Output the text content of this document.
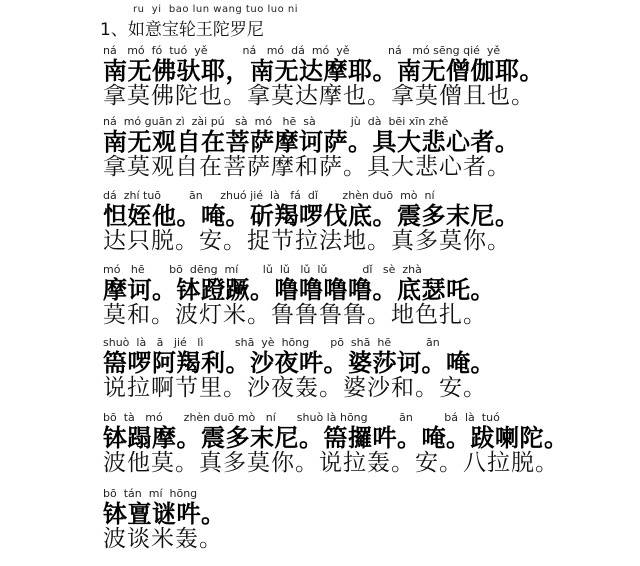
ru  yi  bao lun wang tuo luo ni
1、如意宝轮王陀罗尼
ná   mó  fó  tuó  yě          ná   mó  dá  mó  yě           ná   mó sēng qié  yě
南无佛驮耶，南无达摩耶。南无僧伽耶。
拿莫佛陀也。拿莫达摩也。拿莫僧且也。
ná  mó guān zì  zài pú   sà  mó   hē  sà          jù  dà  bēi xīn zhě
南无观自在菩萨摩诃萨。具大悲心者。
拿莫观自在菩萨摩和萨。具大悲心者。
dá  zhí tuō        ān     zhuó jié  là   fá  dǐ       zhèn duō  mò  ní
怛姪他。唵。斫羯啰伐底。震多末尼。
达只脱。安。捉节拉法地。真多莫你。
mó   hē       bō  dēng  mí       lǔ  lǔ   lǔ  lǔ          dǐ   sè  zhà
摩诃。钵蹬蹶。噜噜噜噜。底瑟吒。
莫和。波灯米。鲁鲁鲁鲁。地色扎。
shuò  là   ā   jié   lì         shā  yè  hōng      pō  shā  hē          ān
篅啰阿羯利。沙夜吽。婆莎诃。唵。
说拉啊节里。沙夜轰。婆沙和。安。
bō  tà   mó      zhèn duō mò   ní      shuò là hōng         ān         bá  là  tuó
钵蹋摩。震多末尼。篅攞吽。唵。跋喇陀。
波他莫。真多莫你。说拉轰。安。八拉脱。
bō  tán  mí  hōng
钵亶谜吽。
波谈米轰。
